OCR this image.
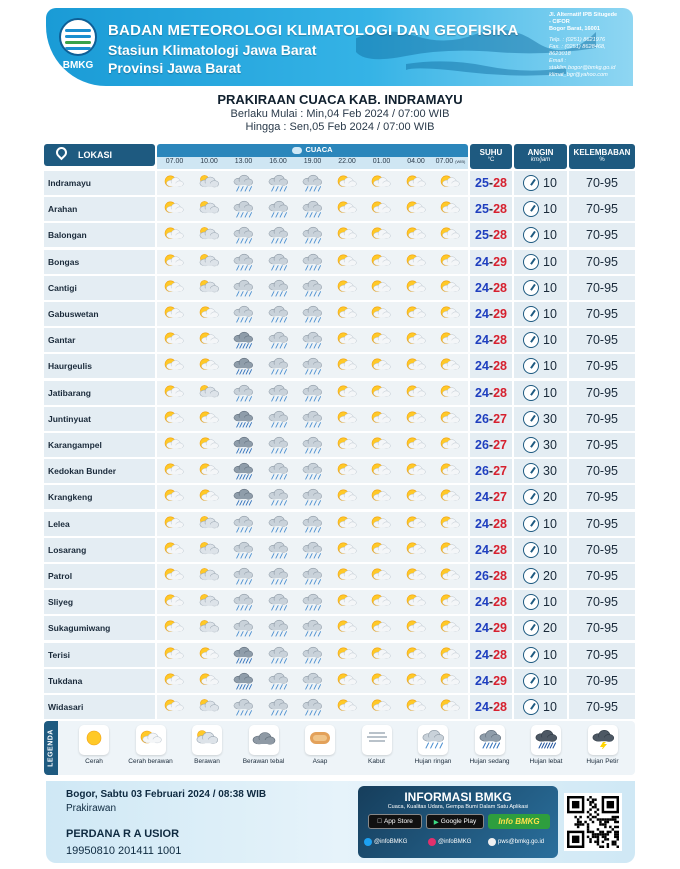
BMKG
BADAN METEOROLOGI KLIMATOLOGI DAN GEOFISIKA
Stasiun Klimatologi Jawa Barat
Provinsi Jawa Barat
Jl. Alternatif IPB Situgede
- CIFOR
Bogor Barat, 16001
Telp. : (0251) 8621976
Fax. : (0251) 8628468,
8623018
Email :
staklim.bogor@bmkg.go.id
klimat_bgr@yahoo.com
PRAKIRAAN CUACA KAB. INDRAMAYU
Berlaku Mulai : Min,04 Feb 2024 / 07:00 WIB
Hingga : Sen,05 Feb 2024 / 07:00 WIB
LOKASI
CUACA
07.00	10.00	13.00	16.00	19.00	22.00	01.00	04.00	07.00 (WIB)
SUHU
°C
ANGIN
km/jam
KELEMBABAN
%
Indramayu	25-28	10	70-95
Arahan	25-28	10	70-95
Balongan	25-28	10	70-95
Bongas	24-29	10	70-95
Cantigi	24-28	10	70-95
Gabuswetan	24-29	10	70-95
Gantar	24-28	10	70-95
Haurgeulis	24-28	10	70-95
Jatibarang	24-28	10	70-95
Juntinyuat	26-27	30	70-95
Karangampel	26-27	30	70-95
Kedokan Bunder	26-27	30	70-95
Krangkeng	24-27	20	70-95
Lelea	24-28	10	70-95
Losarang	24-28	10	70-95
Patrol	26-28	20	70-95
Sliyeg	24-28	10	70-95
Sukagumiwang	24-29	20	70-95
Terisi	24-28	10	70-95
Tukdana	24-29	10	70-95
Widasari	24-28	10	70-95
LEGENDA	Cerah	Cerah berawan	Berawan	Berawan tebal	Asap	Kabut	Hujan ringan	Hujan sedang	Hujan lebat	Hujan Petir
Bogor, Sabtu 03 Februari 2024 / 08:38 WIB
Prakirawan
PERDANA R A USIOR
19950810 201411 1001
INFORMASI BMKG
Cuaca, Kualitas Udara, Gempa Bumi Dalam Satu Aplikasi
App Store	▶ Google Play	Info BMKG
@infoBMKG	@infoBMKG	pws@bmkg.go.id
